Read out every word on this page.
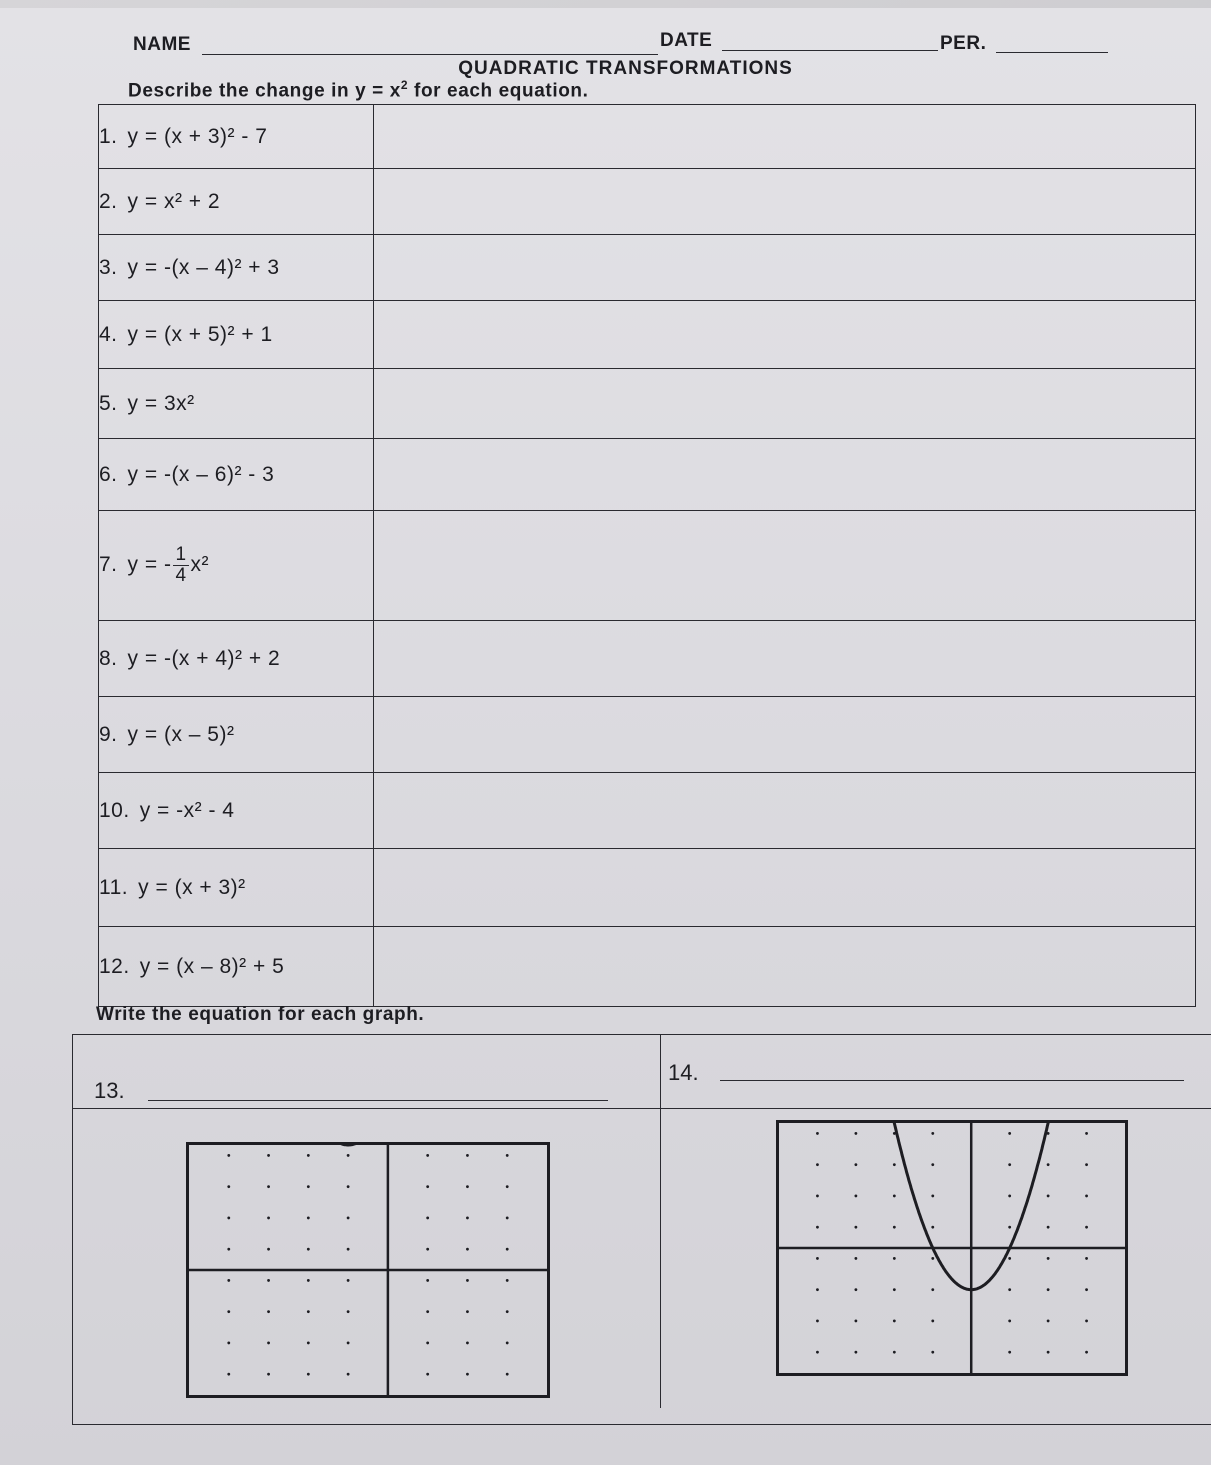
NAME	DATE	PER.
QUADRATIC TRANSFORMATIONS
Describe the change in $y = x^2$ for each equation.
1. y = (x + 3)² - 7	
2. y = x² + 2	
3. y = -(x – 4)² + 3	
4. y = (x + 5)² + 1	
5. y = 3x²	
6. y = -(x – 6)² - 3	
7. y = - $\frac{1}{4} x^2$	
8. y = -(x + 4)² + 2	
9. y = (x – 5)²	
10. y = -x² - 4	
11. y = (x + 3)²	
12. y = (x – 8)² + 5	
Write the equation for each graph.
13.
14.
